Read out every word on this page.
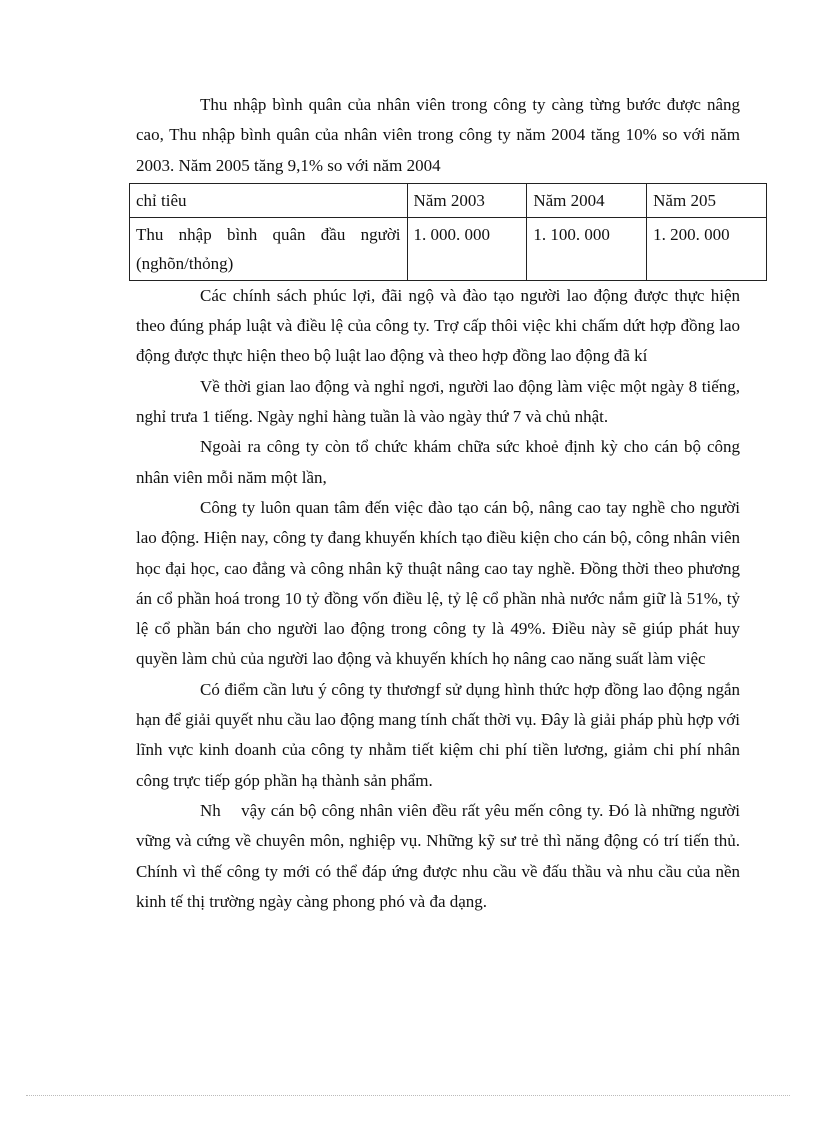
Thu nhập bình quân của nhân viên trong công ty càng từng bước được nâng cao, Thu nhập bình quân của nhân viên trong công ty năm 2004 tăng 10% so với năm 2003. Năm 2005 tăng 9,1% so với năm 2004

chỉ tiêu	Năm 2003	Năm 2004	Năm 205
Thu nhập bình quân đầu người (nghõn/thỏng)	1. 000. 000	1. 100. 000	1. 200. 000

Các chính sách phúc lợi, đãi ngộ và đào tạo người lao động được thực hiện theo đúng pháp luật và điều lệ của công ty. Trợ cấp thôi việc khi chấm dứt hợp đồng lao động được thực hiện theo bộ luật lao động và theo hợp đồng lao động đã kí

Về thời gian lao động và nghỉ ngơi, người lao động làm việc một ngày 8 tiếng, nghỉ trưa 1 tiếng. Ngày nghỉ hàng tuần là vào ngày thứ 7 và chủ nhật.

Ngoài ra công ty còn tổ chức khám chữa sức khoẻ định kỳ cho cán bộ công nhân viên mỗi năm một lần,

Công ty luôn quan tâm đến việc đào tạo cán bộ, nâng cao tay nghề cho người lao động. Hiện nay, công ty đang khuyến khích tạo điều kiện cho cán bộ, công nhân viên học đại học, cao đẳng và công nhân kỹ thuật nâng cao tay nghề. Đồng thời theo phương án cổ phần hoá trong 10 tỷ đồng vốn điều lệ, tỷ lệ cổ phần nhà nước nắm giữ là 51%, tỷ lệ cổ phần bán cho người lao động trong công ty là 49%. Điều này sẽ giúp phát huy quyền làm chủ của người lao động và khuyến khích họ nâng cao năng suất làm việc

Có điểm cần lưu ý công ty thươngf sử dụng hình thức hợp đồng lao động ngắn hạn để giải quyết nhu cầu lao động mang tính chất thời vụ. Đây là giải pháp phù hợp với lĩnh vực kinh doanh của công ty nhằm tiết kiệm chi phí tiền lương, giảm chi phí nhân công trực tiếp góp phần hạ thành sản phẩm.

Nh    vậy cán bộ công nhân viên đều rất yêu mến công ty. Đó là những người vững và cứng về chuyên môn, nghiệp vụ. Những kỹ sư trẻ thì năng động có trí tiến thủ. Chính vì thế công ty mới có thể đáp ứng được nhu cầu về đấu thầu và nhu cầu của nền kinh tế thị trường ngày càng phong phó và đa dạng.
